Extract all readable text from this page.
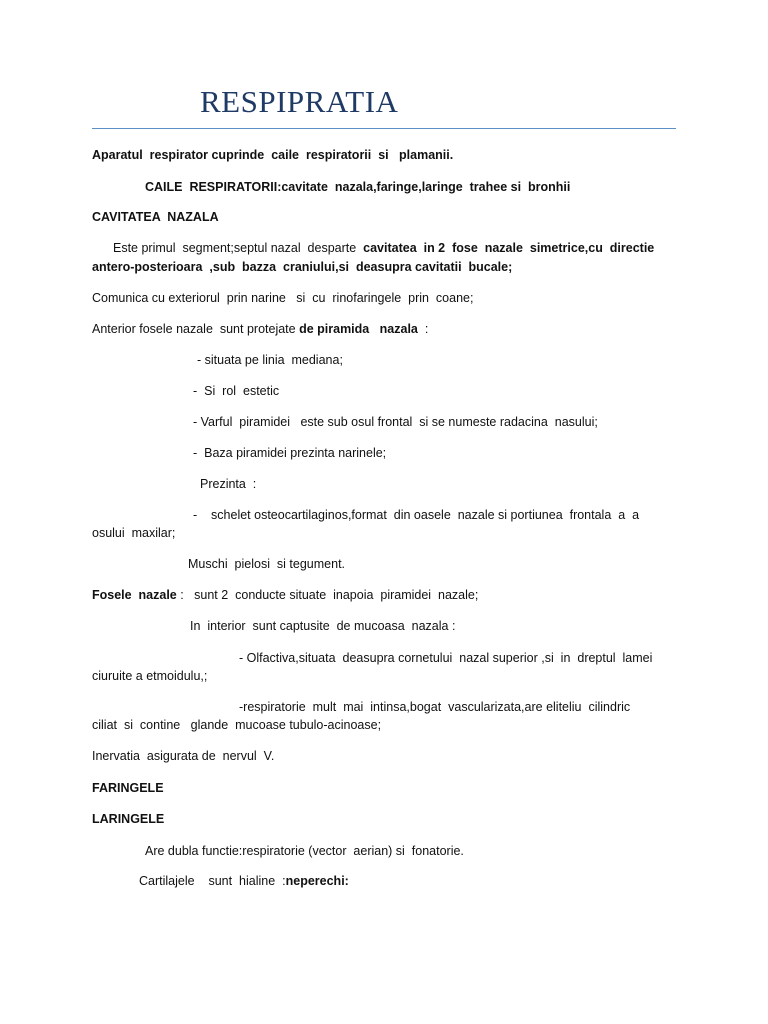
RESPIPRATIA
Aparatul  respirator cuprinde  caile  respiratorii  si   plamanii.
CAILE  RESPIRATORII:cavitate  nazala,faringe,laringe  trahee si  bronhii
CAVITATEA  NAZALA
Este primul  segment;septul nazal  desparte  cavitatea  in 2  fose  nazale  simetrice,cu  directie
antero-posterioara  ,sub  bazza  craniului,si  deasupra cavitatii  bucale;
Comunica cu exteriorul  prin narine   si  cu  rinofaringele  prin  coane;
Anterior fosele nazale  sunt protejate de piramida   nazala  :
- situata pe linia  mediana;
-  Si  rol  estetic
- Varful  piramidei   este sub osul frontal  si se numeste radacina  nasului;
-  Baza piramidei prezinta narinele;
Prezinta  :
-    schelet osteocartilaginos,format  din oasele  nazale si portiunea  frontala  a  a
osului  maxilar;
Muschi  pielosi  si tegument.
Fosele  nazale :   sunt 2  conducte situate  inapoia  piramidei  nazale;
In  interior  sunt captusite  de mucoasa  nazala :
- Olfactiva,situata  deasupra cornetului  nazal superior ,si  in  dreptul  lamei
ciuruite a etmoidulu,;
-respiratorie  mult  mai  intinsa,bogat  vascularizata,are eliteliu  cilindric
ciliat  si  contine   glande  mucoase tubulo-acinoase;
Inervatia  asigurata de  nervul  V.
FARINGELE
LARINGELE
Are dubla functie:respiratorie (vector  aerian) si  fonatorie.
Cartilajele    sunt  hialine  :neperechi:
